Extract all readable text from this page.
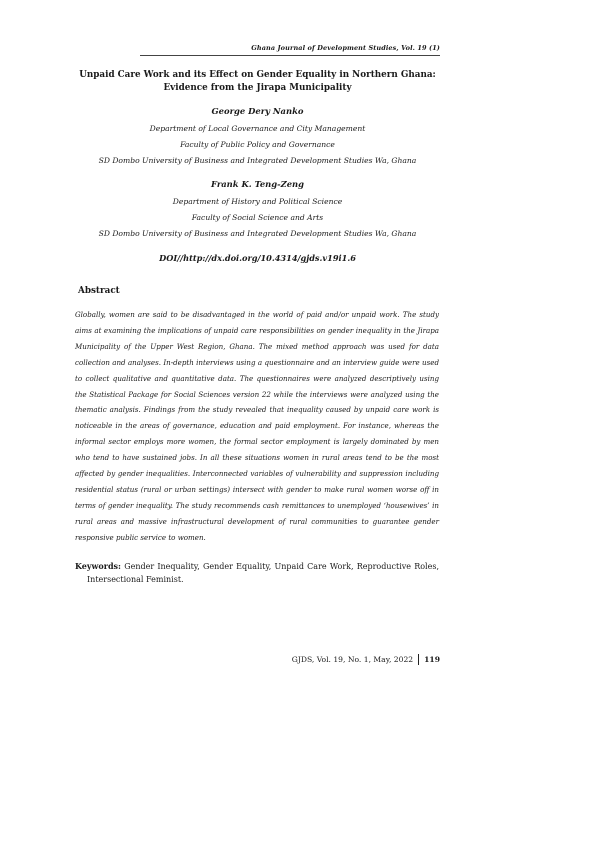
Ghana Journal of Development Studies, Vol. 19 (1)
Unpaid Care Work and its Effect on Gender Equality in Northern Ghana: Evidence from the Jirapa Municipality
George Dery Nanko
Department of Local Governance and City Management
Faculty of Public Policy and Governance
SD Dombo University of Business and Integrated Development Studies Wa, Ghana
Frank K. Teng-Zeng
Department of History and Political Science
Faculty of Social Science and Arts
SD Dombo University of Business and Integrated Development Studies Wa, Ghana
DOI//http://dx.doi.org/10.4314/gjds.v19i1.6
Abstract
Globally, women are said to be disadvantaged in the world of paid and/or unpaid work. The study aims at examining the implications of unpaid care responsibilities on gender inequality in the Jirapa Municipality of the Upper West Region, Ghana. The mixed method approach was used for data collection and analyses. In-depth interviews using a questionnaire and an interview guide were used to collect qualitative and quantitative data. The questionnaires were analyzed descriptively using the Statistical Package for Social Sciences version 22 while the interviews were analyzed using the thematic analysis. Findings from the study revealed that inequality caused by unpaid care work is noticeable in the areas of governance, education and paid employment. For instance, whereas the informal sector employs more women, the formal sector employment is largely dominated by men who tend to have sustained jobs. In all these situations women in rural areas tend to be the most affected by gender inequalities. Interconnected variables of vulnerability and suppression including residential status (rural or urban settings) intersect with gender to make rural women worse off in terms of gender inequality. The study recommends cash remittances to unemployed ‘housewives’ in rural areas and massive infrastructural development of rural communities to guarantee gender responsive public service to women.
Keywords: Gender Inequality, Gender Equality, Unpaid Care Work, Reproductive Roles, Intersectional Feminist.
GJDS, Vol. 19, No. 1, May, 2022 119
